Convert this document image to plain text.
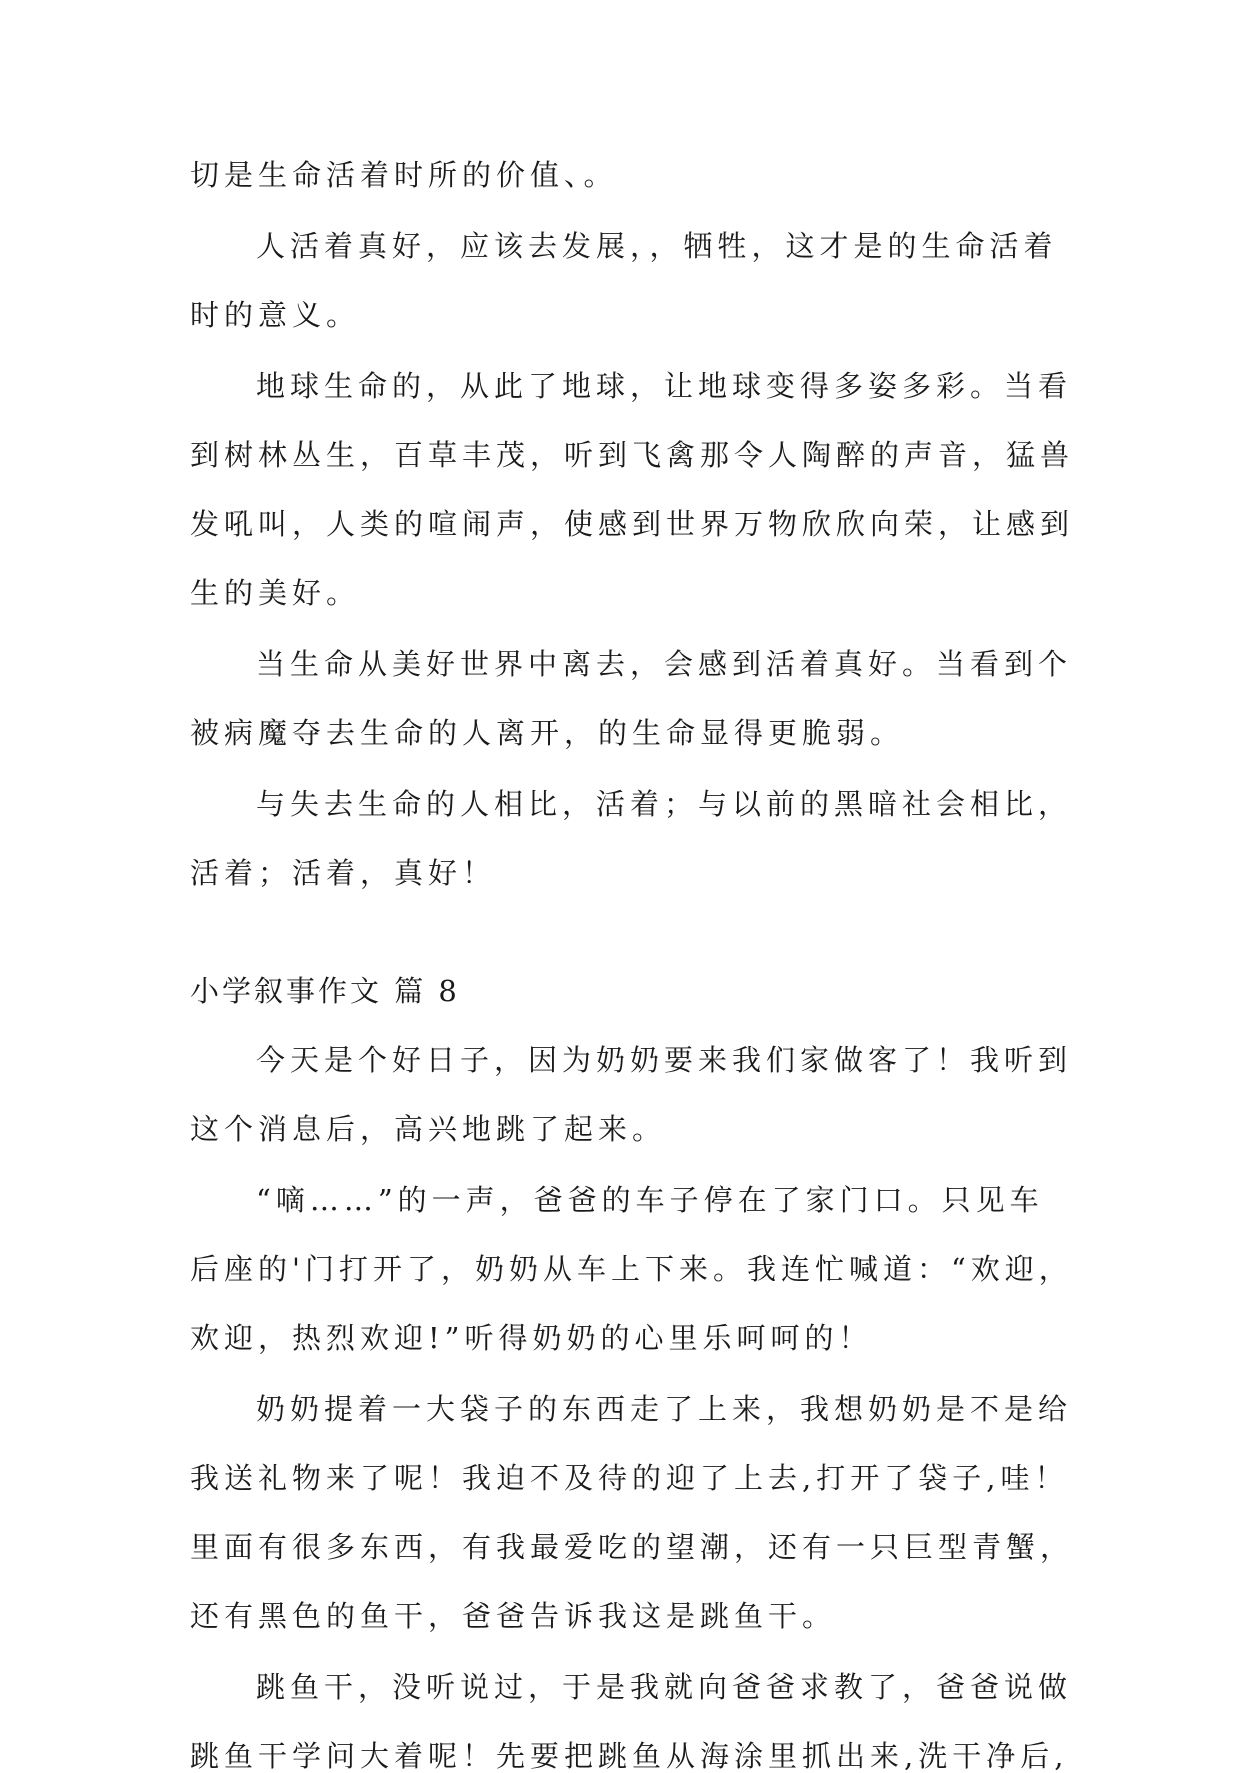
切是生命活着时所的价值、。
人活着真好，应该去发展，，牺牲，这才是的生命活着
时的意义。
地球生命的，从此了地球，让地球变得多姿多彩。当看
到树林丛生，百草丰茂，听到飞禽那令人陶醉的声音，猛兽
发吼叫，人类的喧闹声，使感到世界万物欣欣向荣，让感到
生的美好。
当生命从美好世界中离去，会感到活着真好。当看到个
被病魔夺去生命的人离开，的生命显得更脆弱。
与失去生命的人相比，活着；与以前的黑暗社会相比，
活着；活着，真好！
小学叙事作文 篇 8
今天是个好日子，因为奶奶要来我们家做客了！我听到
这个消息后，高兴地跳了起来。
“嘀……”的一声，爸爸的车子停在了家门口。只见车
后座的'门打开了，奶奶从车上下来。我连忙喊道：“欢迎，
欢迎，热烈欢迎!”听得奶奶的心里乐呵呵的！
奶奶提着一大袋子的东西走了上来，我想奶奶是不是给
我送礼物来了呢！我迫不及待的迎了上去,打开了袋子,哇！
里面有很多东西，有我最爱吃的望潮，还有一只巨型青蟹，
还有黑色的鱼干，爸爸告诉我这是跳鱼干。
跳鱼干，没听说过，于是我就向爸爸求教了，爸爸说做
跳鱼干学问大着呢！先要把跳鱼从海涂里抓出来,洗干净后,
